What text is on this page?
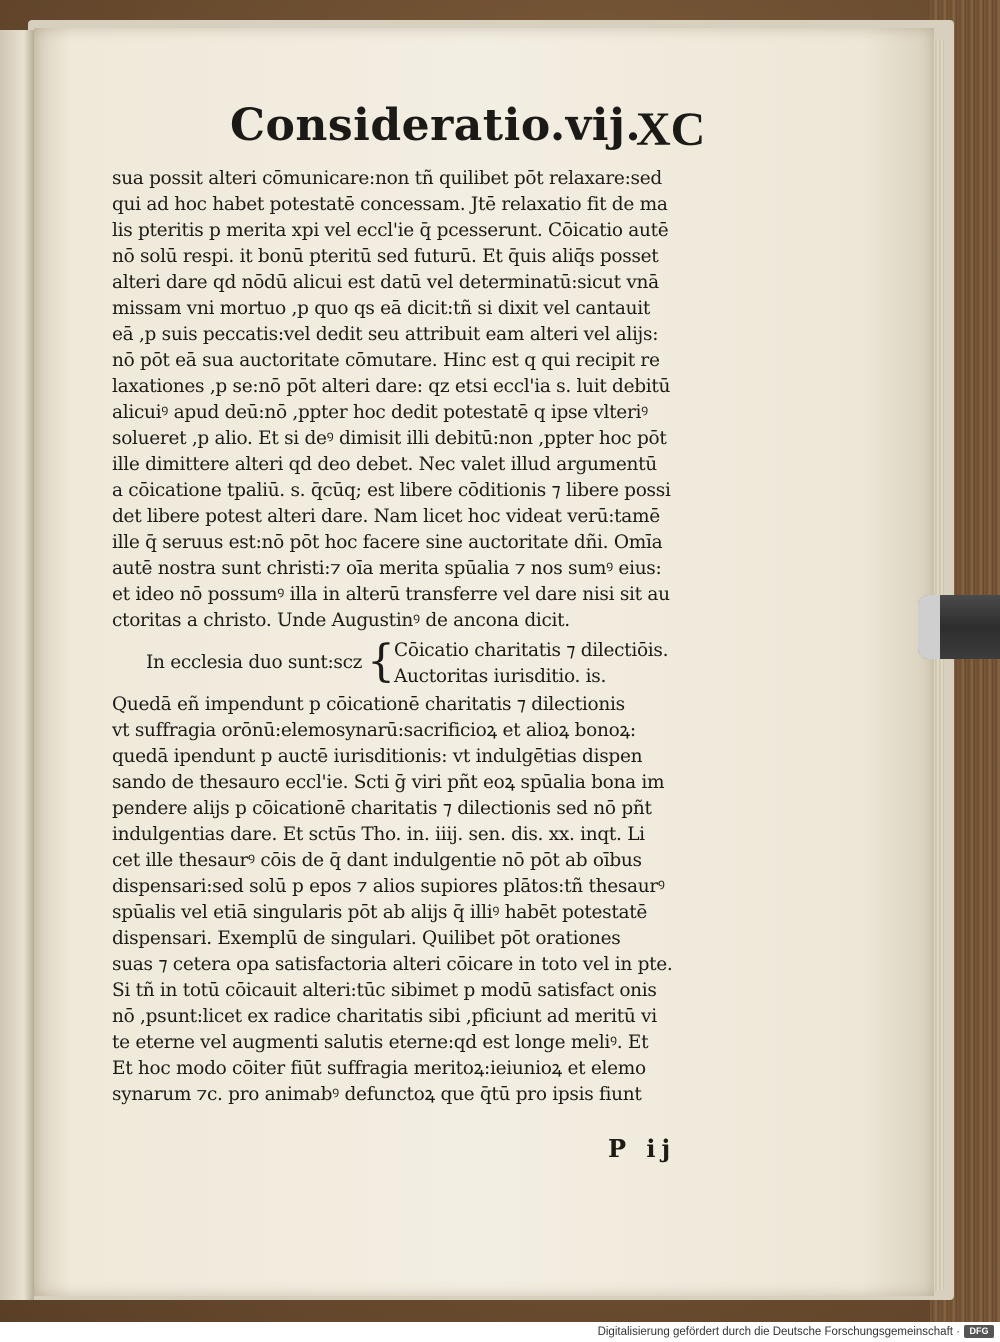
Consideratio.vij.
XC
sua possit alteri cōmunicare:non tñ quilibet pōt relaxare:sed
qui ad hoc habet potestatē concessam. Jtē relaxatio fit de ma
lis pteritis p merita xpi vel eccl'ie q̄ pcesserunt. Cōicatio autē
nō solū respi. it bonū pteritū sed futurū. Et q̄uis aliq̄s posset
alteri dare qd nōdū alicui est datū vel determinatū:sicut vnā
missam vni mortuo ,p quo qs eā dicit:tñ si dixit vel cantauit
eā ,p suis peccatis:vel dedit seu attribuit eam alteri vel alijs:
nō pōt eā sua auctoritate cōmutare. Hinc est q qui recipit re
laxationes ,p se:nō pōt alteri dare: qz etsi eccl'ia s. luit debitū
alicuiꝰ apud deū:nō ,ppter hoc dedit potestatē q ipse vlteriꝰ
solueret ,p alio. Et si deꝰ dimisit illi debitū:non ,ppter hoc pōt
ille dimittere alteri qd deo debet. Nec valet illud argumentū
a cōicatione tpaliū. s. q̄cūq; est libere cōditionis ⁊ libere possi
det libere potest alteri dare. Nam licet hoc videat verū:tamē
ille q̄ seruus est:nō pōt hoc facere sine auctoritate dñi. Omīa
autē nostra sunt christi:⁊ oīa merita spūalia ⁊ nos sumꝰ eius:
et ideo nō possumꝰ illa in alterū transferre vel dare nisi sit au
ctoritas a christo. Unde Augustinꝰ de ancona dicit.
In ecclesia duo sunt:scz { Cōicatio charitatis ⁊ dilectiōis.
Auctoritas iurisditio. is.
Quedā eñ impendunt p cōicationē charitatis ⁊ dilectionis
vt suffragia orōnū:elemosynarū:sacrificioꝝ et alioꝝ bonoꝝ:
quedā ipendunt p auctē iurisditionis: vt indulgētias dispen
sando de thesauro eccl'ie. Scti ḡ viri pñt eoꝝ spūalia bona im
pendere alijs p cōicationē charitatis ⁊ dilectionis sed nō pñt
indulgentias dare. Et sctūs Tho. in. iiij. sen. dis. xx. inqt. Li
cet ille thesaurꝰ cōis de q̄ dant indulgentie nō pōt ab oībus
dispensari:sed solū p epos ⁊ alios supiores plātos:tñ thesaurꝰ
spūalis vel etiā singularis pōt ab alijs q̄ illiꝰ habēt potestatē
dispensari. Exemplū de singulari. Quilibet pōt orationes
suas ⁊ cetera opa satisfactoria alteri cōicare in toto vel in pte.
Si tñ in totū cōicauit alteri:tūc sibimet p modū satisfact onis
nō ,psunt:licet ex radice charitatis sibi ,pficiunt ad meritū vi
te eterne vel augmenti salutis eterne:qd est longe meliꝰ. Et
Et hoc modo cōiter fiūt suffragia meritoꝝ:ieiunioꝝ et elemo
synarum ⁊c. pro animabꝰ defunctoꝝ que q̄tū pro ipsis fiunt
P ij
Digitalisierung gefördert durch die Deutsche Forschungsgemeinschaft ·	DFG
